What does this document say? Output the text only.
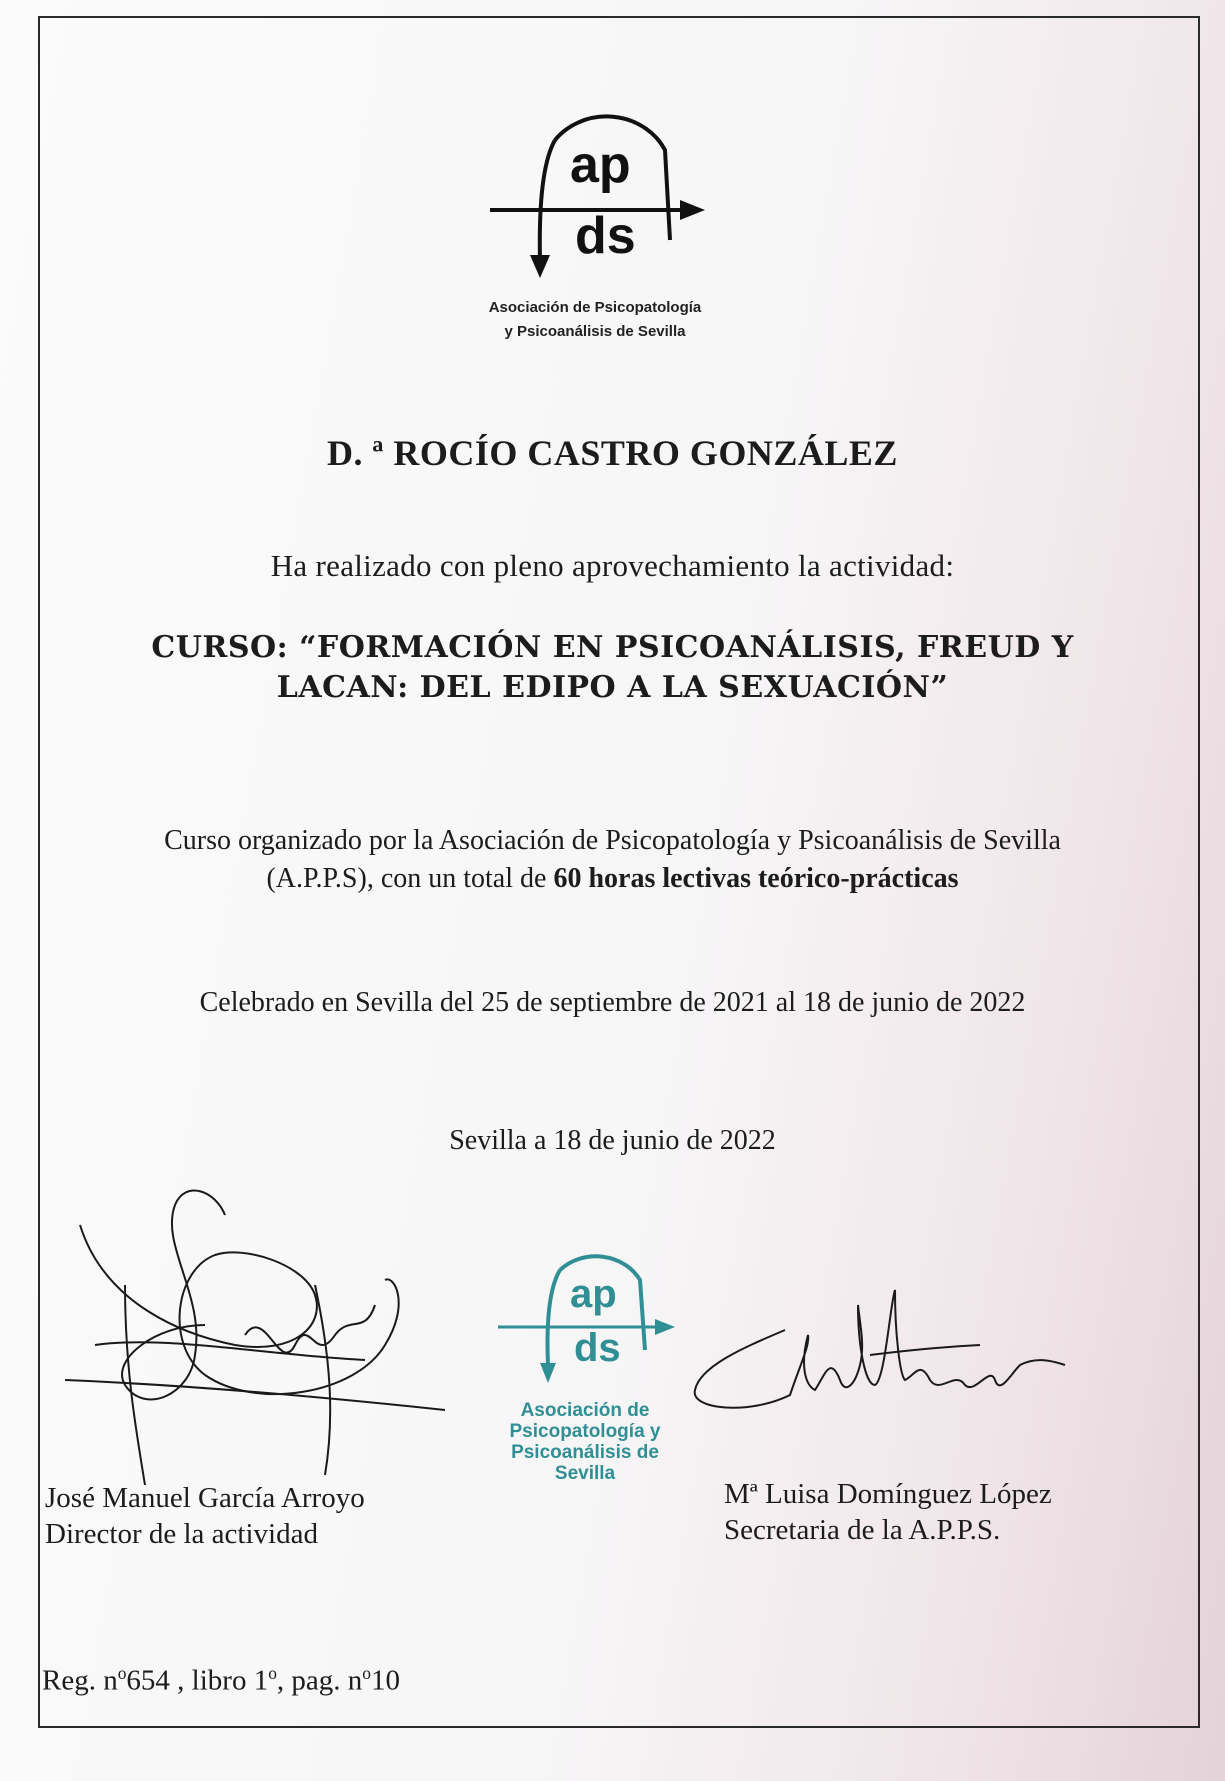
ap
ds
Asociación de Psicopatología
y Psicoanálisis de Sevilla
D. ª ROCÍO CASTRO GONZÁLEZ
Ha realizado con pleno aprovechamiento la actividad:
CURSO: “FORMACIÓN EN PSICOANÁLISIS, FREUD Y
LACAN: DEL EDIPO A LA SEXUACIÓN”
Curso organizado por la Asociación de Psicopatología y Psicoanálisis de Sevilla
(A.P.P.S), con un total de 60 horas lectivas teórico-prácticas
Celebrado en Sevilla del 25 de septiembre de 2021 al 18 de junio de 2022
Sevilla a 18 de junio de 2022
José Manuel García Arroyo
Director de la actividad
ap
ds
Asociación de
Psicopatología y
Psicoanálisis de
Sevilla
Mª Luisa Domínguez López
Secretaria de la A.P.P.S.
Reg. $n^o654$ , libro 1$^o$, pag. $n^o10$
